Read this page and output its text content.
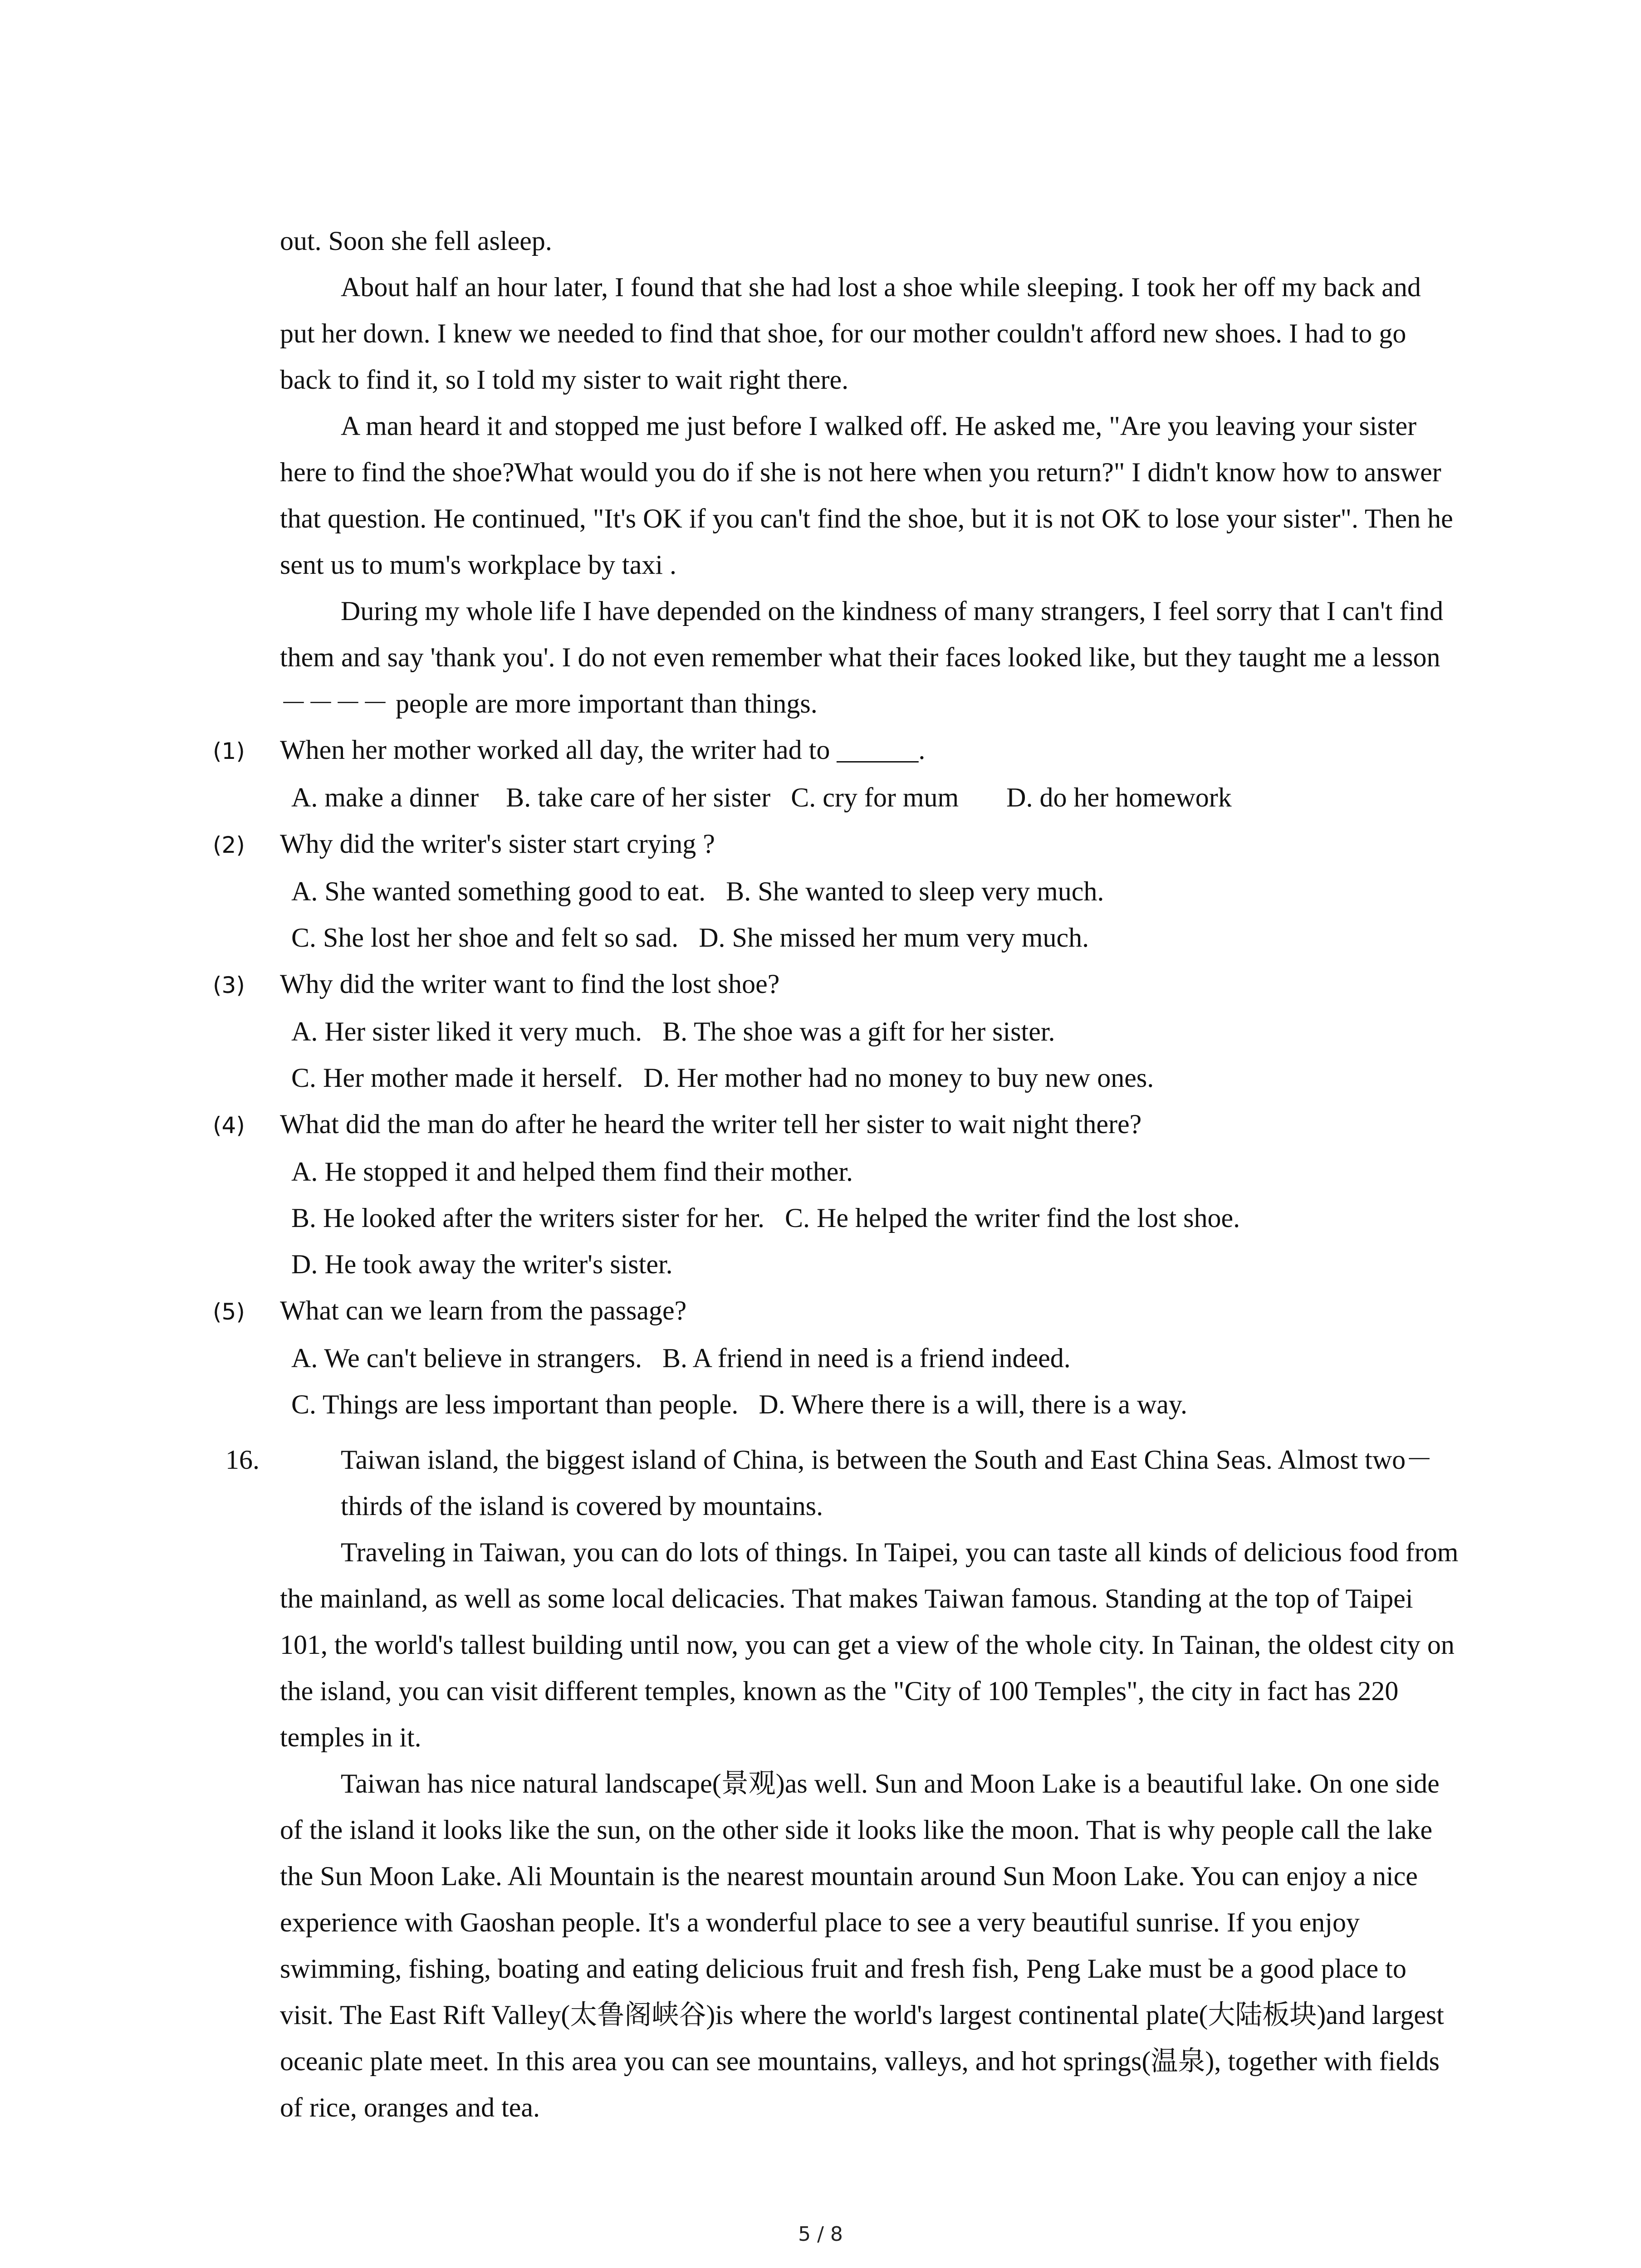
out. Soon she fell asleep.

About half an hour later, I found that she had lost a shoe while sleeping. I took her off my back and put her down. I knew we needed to find that shoe, for our mother couldn't afford new shoes. I had to go back to find it, so I told my sister to wait right there.

A man heard it and stopped me just before I walked off. He asked me, "Are you leaving your sister here to find the shoe?What would you do if she is not here when you return?" I didn't know how to answer that question. He continued, "It's OK if you can't find the shoe, but it is not OK to lose your sister". Then he sent us to mum's workplace by taxi .

During my whole life I have depended on the kindness of many strangers, I feel sorry that I can't find them and say 'thank you'. I do not even remember what their faces looked like, but they taught me a lesson －－－－ people are more important than things.

(1)	When her mother worked all day, the writer had to ______.
A. make a dinner    B. take care of her sister   C. cry for mum       D. do her homework
(2)	Why did the writer's sister start crying ?
A. She wanted something good to eat.   B. She wanted to sleep very much.
C. She lost her shoe and felt so sad.   D. She missed her mum very much.
(3)	Why did the writer want to find the lost shoe?
A. Her sister liked it very much.   B. The shoe was a gift for her sister.
C. Her mother made it herself.   D. Her mother had no money to buy new ones.
(4)	What did the man do after he heard the writer tell her sister to wait night there?
A. He stopped it and helped them find their mother.
B. He looked after the writers sister for her.   C. He helped the writer find the lost shoe.
D. He took away the writer's sister.
(5)	What can we learn from the passage?
A. We can't believe in strangers.   B. A friend in need is a friend indeed.
C. Things are less important than people.   D. Where there is a will, there is a way.
16.	Taiwan island, the biggest island of China, is between the South and East China Seas. Almost two－thirds of the island is covered by mountains.

Traveling in Taiwan, you can do lots of things. In Taipei, you can taste all kinds of delicious food from the mainland, as well as some local delicacies. That makes Taiwan famous. Standing at the top of Taipei 101, the world's tallest building until now, you can get a view of the whole city. In Tainan, the oldest city on the island, you can visit different temples, known as the "City of 100 Temples", the city in fact has 220 temples in it.

Taiwan has nice natural landscape(景观)as well. Sun and Moon Lake is a beautiful lake. On one side of the island it looks like the sun, on the other side it looks like the moon. That is why people call the lake the Sun Moon Lake. Ali Mountain is the nearest mountain around Sun Moon Lake. You can enjoy a nice experience with Gaoshan people. It's a wonderful place to see a very beautiful sunrise. If you enjoy swimming, fishing, boating and eating delicious fruit and fresh fish, Peng Lake must be a good place to visit. The East Rift Valley(太鲁阁峡谷)is where the world's largest continental plate(大陆板块)and largest oceanic plate meet. In this area you can see mountains, valleys, and hot springs(温泉), together with fields of rice, oranges and tea.

5 / 8
